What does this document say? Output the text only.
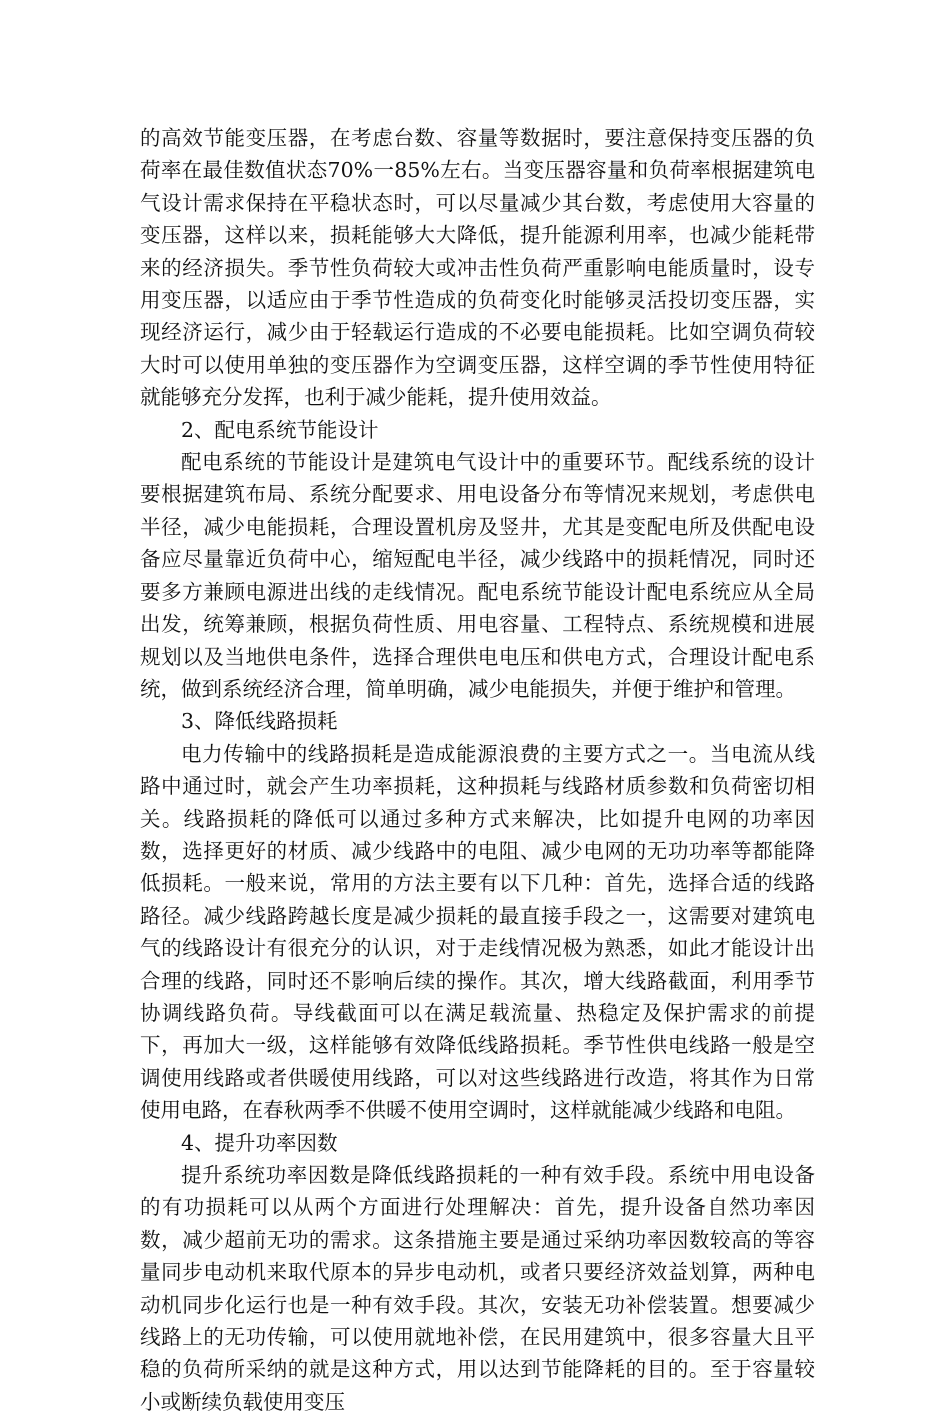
的高效节能变压器，在考虑台数、容量等数据时，要注意保持变压器的负荷率在最佳数值状态70%一85%左右。当变压器容量和负荷率根据建筑电气设计需求保持在平稳状态时，可以尽量减少其台数，考虑使用大容量的变压器，这样以来，损耗能够大大降低，提升能源利用率，也减少能耗带来的经济损失。季节性负荷较大或冲击性负荷严重影响电能质量时，设专用变压器，以适应由于季节性造成的负荷变化时能够灵活投切变压器，实现经济运行，减少由于轻载运行造成的不必要电能损耗。比如空调负荷较大时可以使用单独的变压器作为空调变压器，这样空调的季节性使用特征就能够充分发挥，也利于减少能耗，提升使用效益。

2、配电系统节能设计

配电系统的节能设计是建筑电气设计中的重要环节。配线系统的设计要根据建筑布局、系统分配要求、用电设备分布等情况来规划，考虑供电半径，减少电能损耗，合理设置机房及竖井，尤其是变配电所及供配电设备应尽量靠近负荷中心，缩短配电半径，减少线路中的损耗情况，同时还要多方兼顾电源进出线的走线情况。配电系统节能设计配电系统应从全局出发，统筹兼顾，根据负荷性质、用电容量、工程特点、系统规模和进展规划以及当地供电条件，选择合理供电电压和供电方式，合理设计配电系统，做到系统经济合理，简单明确，减少电能损失，并便于维护和管理。

3、降低线路损耗

电力传输中的线路损耗是造成能源浪费的主要方式之一。当电流从线路中通过时，就会产生功率损耗，这种损耗与线路材质参数和负荷密切相关。线路损耗的降低可以通过多种方式来解决，比如提升电网的功率因数，选择更好的材质、减少线路中的电阻、减少电网的无功功率等都能降低损耗。一般来说，常用的方法主要有以下几种：首先，选择合适的线路路径。减少线路跨越长度是减少损耗的最直接手段之一，这需要对建筑电气的线路设计有很充分的认识，对于走线情况极为熟悉，如此才能设计出合理的线路，同时还不影响后续的操作。其次，增大线路截面，利用季节协调线路负荷。导线截面可以在满足载流量、热稳定及保护需求的前提下，再加大一级，这样能够有效降低线路损耗。季节性供电线路一般是空调使用线路或者供暖使用线路，可以对这些线路进行改造，将其作为日常使用电路，在春秋两季不供暖不使用空调时，这样就能减少线路和电阻。

4、提升功率因数

提升系统功率因数是降低线路损耗的一种有效手段。系统中用电设备的有功损耗可以从两个方面进行处理解决：首先，提升设备自然功率因数，减少超前无功的需求。这条措施主要是通过采纳功率因数较高的等容量同步电动机来取代原本的异步电动机，或者只要经济效益划算，两种电动机同步化运行也是一种有效手段。其次，安装无功补偿装置。想要减少线路上的无功传输，可以使用就地补偿，在民用建筑中，很多容量大且平稳的负荷所采纳的就是这种方式，用以达到节能降耗的目的。至于容量较小或断续负载使用变压
